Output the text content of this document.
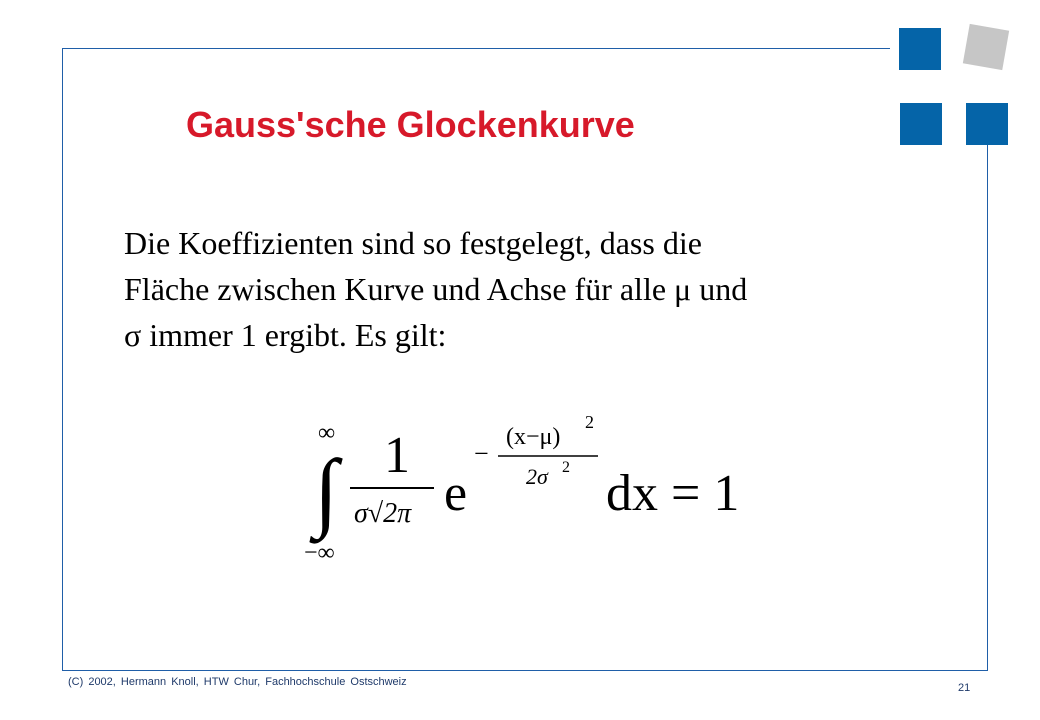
Gauss'sche Glockenkurve

Die Koeffizienten sind so festgelegt, dass die
Fläche zwischen Kurve und Achse für alle μ und
σ immer 1 ergibt. Es gilt:

∞
∫
−∞
1
σ√2π e
−
(x−μ)
2
2σ 2 dx = 1
(C) 2002, Hermann Knoll, HTW Chur, Fachhochschule Ostschweiz	21
